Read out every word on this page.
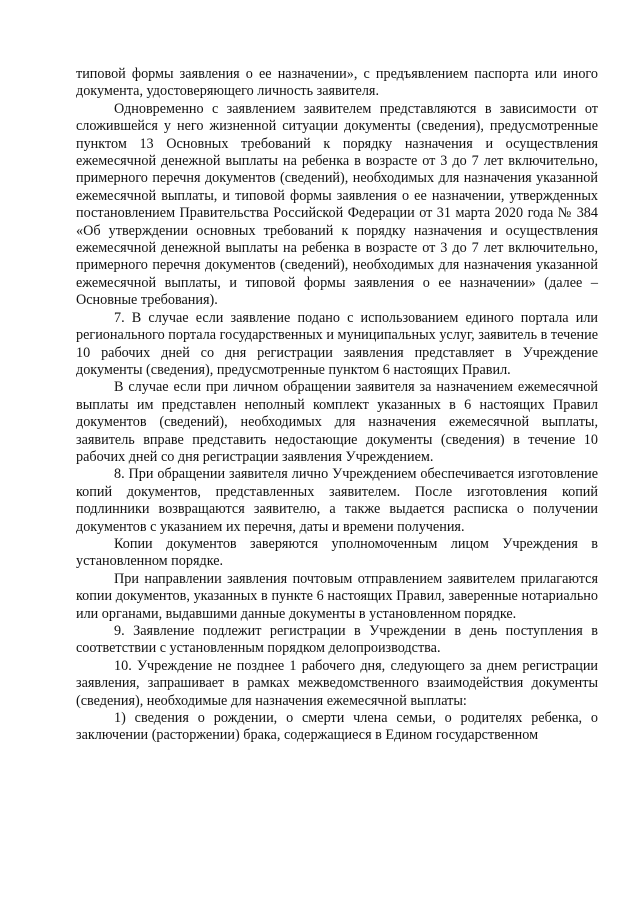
типовой формы заявления о ее назначении», с предъявлением паспорта или иного документа, удостоверяющего личность заявителя.

Одновременно с заявлением заявителем представляются в зависимости от сложившейся у него жизненной ситуации документы (сведения), предусмотренные пунктом 13 Основных требований к порядку назначения и осуществления ежемесячной денежной выплаты на ребенка в возрасте от 3 до 7 лет включительно, примерного перечня документов (сведений), необходимых для назначения указанной ежемесячной выплаты, и типовой формы заявления о ее назначении, утвержденных постановлением Правительства Российской Федерации от 31 марта 2020 года № 384 «Об утверждении основных требований к порядку назначения и осуществления ежемесячной денежной выплаты на ребенка в возрасте от 3 до 7 лет включительно, примерного перечня документов (сведений), необходимых для назначения указанной ежемесячной выплаты, и типовой формы заявления о ее назначении» (далее – Основные требования).

7. В случае если заявление подано с использованием единого портала или регионального портала государственных и муниципальных услуг, заявитель в течение 10 рабочих дней со дня регистрации заявления представляет в Учреждение документы (сведения), предусмотренные пунктом 6 настоящих Правил.

В случае если при личном обращении заявителя за назначением ежемесячной выплаты им представлен неполный комплект указанных в 6 настоящих Правил документов (сведений), необходимых для назначения ежемесячной выплаты, заявитель вправе представить недостающие документы (сведения) в течение 10 рабочих дней со дня регистрации заявления Учреждением.

8. При обращении заявителя лично Учреждением обеспечивается изготовление копий документов, представленных заявителем. После изготовления копий подлинники возвращаются заявителю, а также выдается расписка о получении документов с указанием их перечня, даты и времени получения.

Копии документов заверяются уполномоченным лицом Учреждения в установленном порядке.

При направлении заявления почтовым отправлением заявителем прилагаются копии документов, указанных в пункте 6 настоящих Правил, заверенные нотариально или органами, выдавшими данные документы в установленном порядке.

9. Заявление подлежит регистрации в Учреждении в день поступления в соответствии с установленным порядком делопроизводства.

10. Учреждение не позднее 1 рабочего дня, следующего за днем регистрации заявления, запрашивает в рамках межведомственного взаимодействия документы (сведения), необходимые для назначения ежемесячной выплаты:

1) сведения о рождении, о смерти члена семьи, о родителях ребенка, о заключении (расторжении) брака, содержащиеся в Едином государственном
